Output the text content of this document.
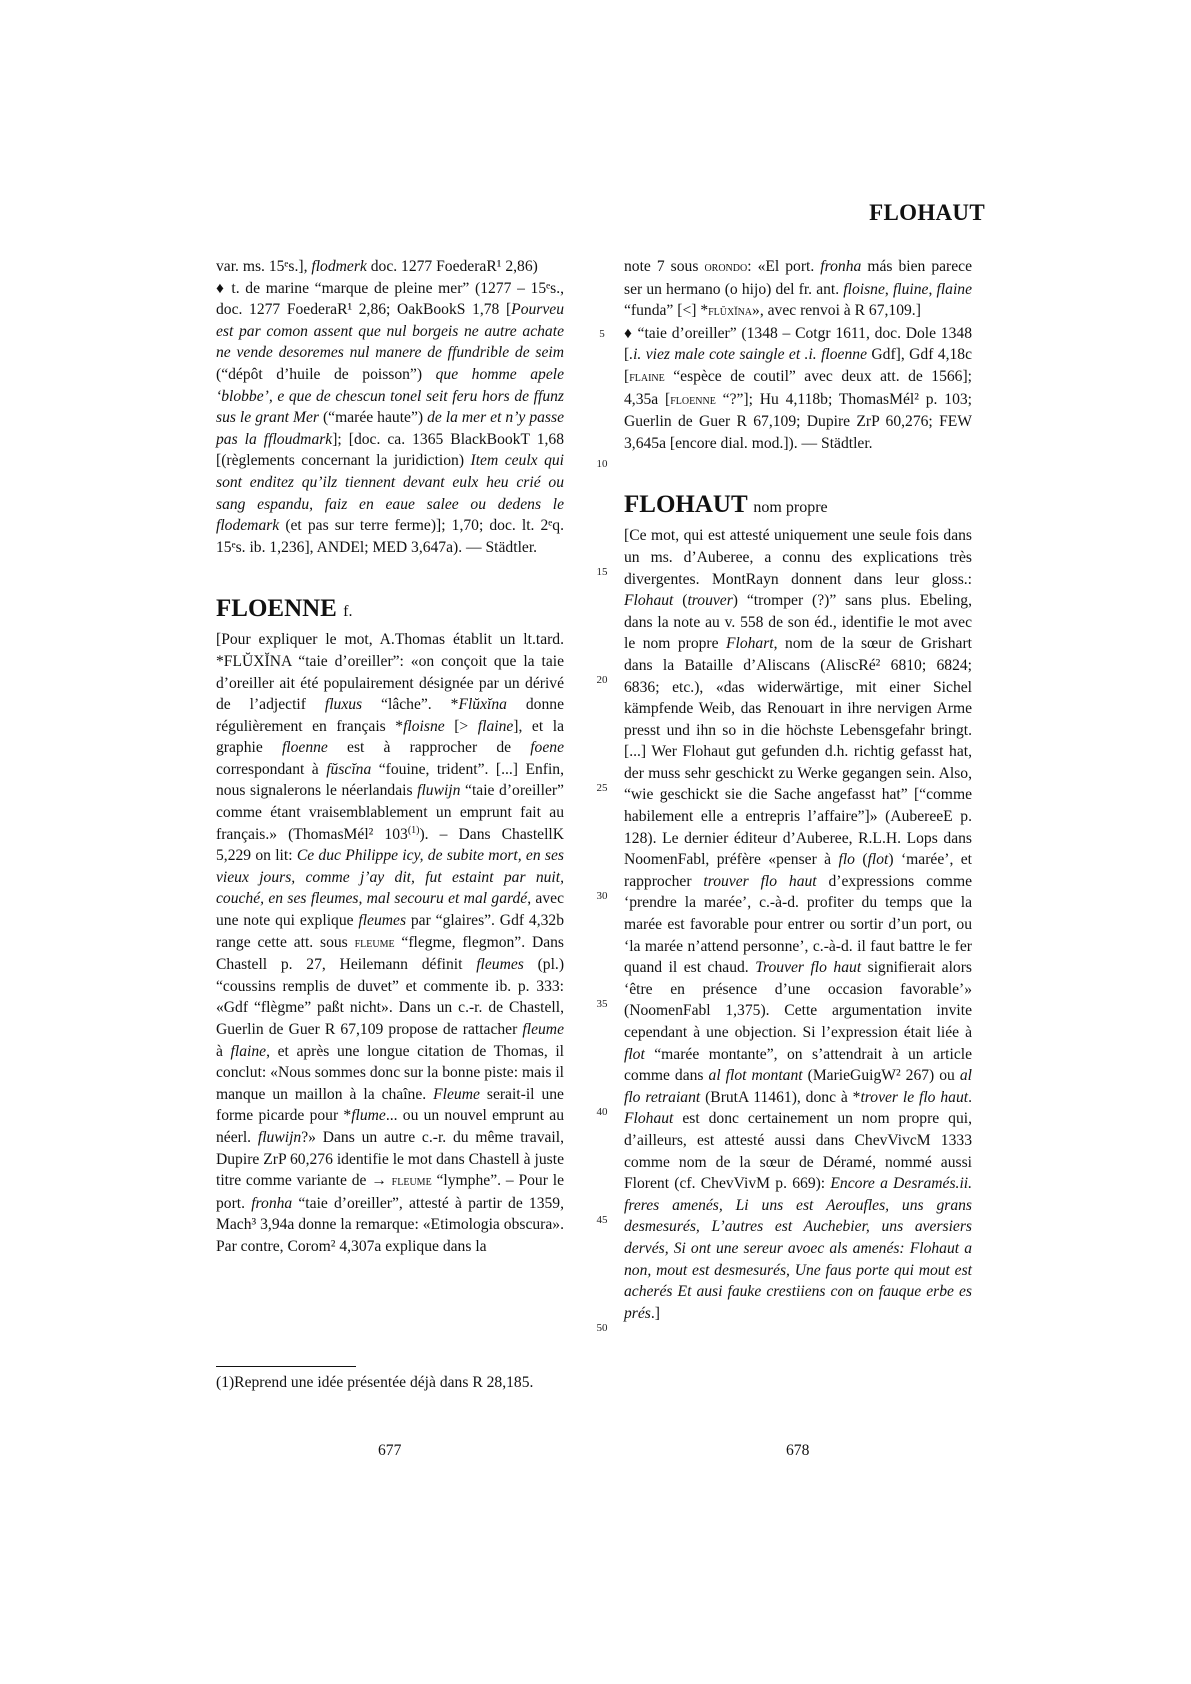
FLOHAUT

var. ms. 15ᵉs.], flodmerk doc. 1277 FoederaR¹ 2,86)

♦ t. de marine “marque de pleine mer” (1277 – 15ᵉs., doc. 1277 FoederaR¹ 2,86; OakBookS 1,78 [Pourveu est par comon assent que nul borgeis ne autre achate ne vende desoremes nul manere de ffundrible de seim (“dépôt d’huile de poisson”) que homme apele ‘blobbe’, e que de chescun tonel seit feru hors de ffunz sus le grant Mer (“marée haute”) de la mer et n’y passe pas la ffloudmark]; [doc. ca. 1365 BlackBookT 1,68 [(règlements concernant la juridiction) Item ceulx qui sont enditez qu’ilz tiennent devant eulx heu crié ou sang espandu, faiz en eaue salee ou dedens le flodemark (et pas sur terre ferme)]; 1,70; doc. lt. 2ᵉq. 15ᵉs. ib. 1,236], ANDEl; MED 3,647a). — Städtler.

FLOENNE f.

[Pour expliquer le mot, A.Thomas établit un lt.tard. *FLŬXĬNA “taie d’oreiller”: «on conçoit que la taie d’oreiller ait été populairement désignée par un dérivé de l’adjectif fluxus “lâche”. *Flŭxĭna donne régulièrement en français *floisne [> flaine], et la graphie floenne est à rapprocher de foene correspondant à fŭscĭna “fouine, trident”. [...] Enfin, nous signalerons le néerlandais fluwijn “taie d’oreiller” comme étant vraisemblablement un emprunt fait au français.» (ThomasMél² 103$^{(1)}$). – Dans ChastellK 5,229 on lit: Ce duc Philippe icy, de subite mort, en ses vieux jours, comme j’ay dit, fut estaint par nuit, couché, en ses fleumes, mal secouru et mal gardé, avec une note qui explique fleumes par “glaires”. Gdf 4,32b range cette att. sous fleume “flegme, flegmon”. Dans Chastell p. 27, Heilemann définit fleumes (pl.) “coussins remplis de duvet” et commente ib. p. 333: «Gdf “flègme” paßt nicht». Dans un c.-r. de Chastell, Guerlin de Guer R 67,109 propose de rattacher fleume à flaine, et après une longue citation de Thomas, il conclut: «Nous sommes donc sur la bonne piste: mais il manque un maillon à la chaîne. Fleume serait-il une forme picarde pour *flume... ou un nouvel emprunt au néerl. fluwijn?» Dans un autre c.-r. du même travail, Dupire ZrP 60,276 identifie le mot dans Chastell à juste titre comme variante de → fleume “lymphe”. – Pour le port. fronha “taie d’oreiller”, attesté à partir de 1359, Mach³ 3,94a donne la remarque: «Etimologia obscura». Par contre, Corom² 4,307a explique dans la

5
10
15
20
25
30
35
40
45
50

note 7 sous orondo: «El port. fronha más bien parece ser un hermano (o hijo) del fr. ant. floisne, fluine, flaine “funda” [<] *flŭxĭna», avec renvoi à R 67,109.]

♦ “taie d’oreiller” (1348 – Cotgr 1611, doc. Dole 1348 [.i. viez male cote saingle et .i. floenne Gdf], Gdf 4,18c [flaine “espèce de coutil” avec deux att. de 1566]; 4,35a [floenne “?”]; Hu 4,118b; ThomasMél² p. 103; Guerlin de Guer R 67,109; Dupire ZrP 60,276; FEW 3,645a [encore dial. mod.]). — Städtler.

FLOHAUT nom propre

[Ce mot, qui est attesté uniquement une seule fois dans un ms. d’Auberee, a connu des explications très divergentes. MontRayn donnent dans leur gloss.: Flohaut (trouver) “tromper (?)” sans plus. Ebeling, dans la note au v. 558 de son éd., identifie le mot avec le nom propre Flohart, nom de la sœur de Grishart dans la Bataille d’Aliscans (AliscRé² 6810; 6824; 6836; etc.), «das widerwärtige, mit einer Sichel kämpfende Weib, das Renouart in ihre nervigen Arme presst und ihn so in die höchste Lebensgefahr bringt. [...] Wer Flohaut gut gefunden d.h. richtig gefasst hat, der muss sehr geschickt zu Werke gegangen sein. Also, “wie geschickt sie die Sache angefasst hat” [“comme habilement elle a entrepris l’affaire”]» (AubereeE p. 128). Le dernier éditeur d’Auberee, R.L.H. Lops dans NoomenFabl, préfère «penser à flo (flot) ‘marée’, et rapprocher trouver flo haut d’expressions comme ‘prendre la marée’, c.-à-d. profiter du temps que la marée est favorable pour entrer ou sortir d’un port, ou ‘la marée n’attend personne’, c.-à-d. il faut battre le fer quand il est chaud. Trouver flo haut signifierait alors ‘être en présence d’une occasion favorable’» (NoomenFabl 1,375). Cette argumentation invite cependant à une objection. Si l’expression était liée à flot “marée montante”, on s’attendrait à un article comme dans al flot montant (MarieGuigW² 267) ou al flo retraiant (BrutA 11461), donc à *trover le flo haut. Flohaut est donc certainement un nom propre qui, d’ailleurs, est attesté aussi dans ChevVivcM 1333 comme nom de la sœur de Déramé, nommé aussi Florent (cf. ChevVivM p. 669): Encore a Desramés.ii. freres amenés, Li uns est Aeroufles, uns grans desmesurés, L’autres est Auchebier, uns aversiers dervés, Si ont une sereur avoec als amenés: Flohaut a non, mout est desmesurés, Une faus porte qui mout est acherés Et ausi fauke crestiiens con on fauque erbe es prés.]

(1)Reprend une idée présentée déjà dans R 28,185.
677	678
